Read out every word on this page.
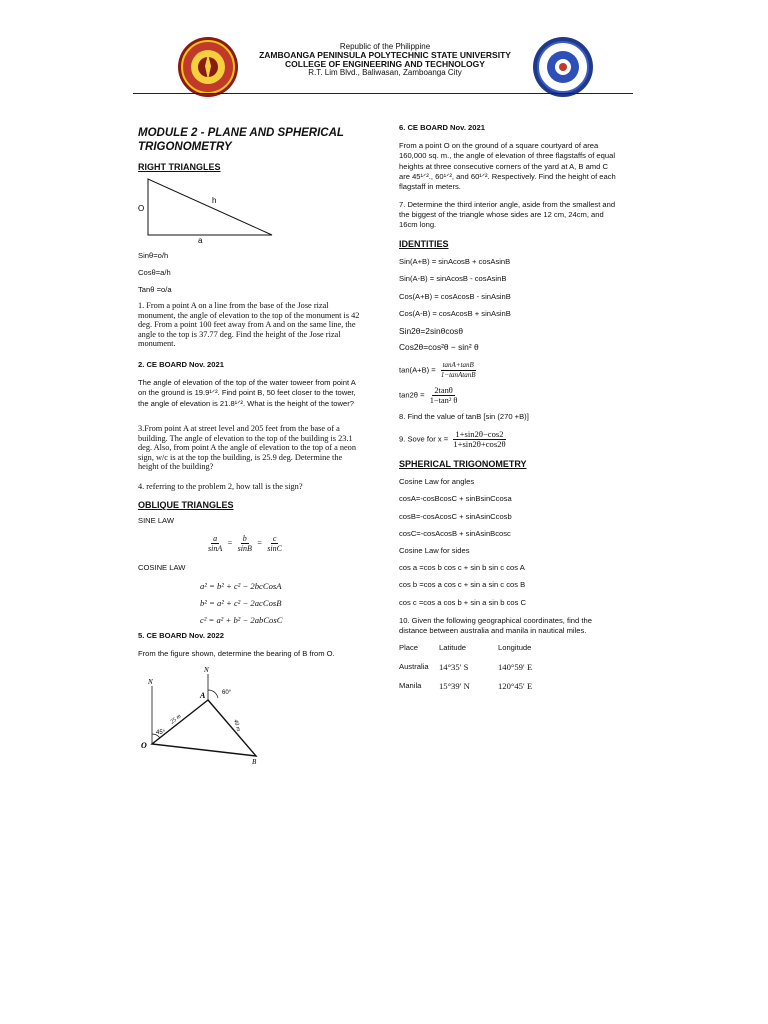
Republic of the Philippine
ZAMBOANGA PENINSULA POLYTECHNIC STATE UNIVERSITY
COLLEGE OF ENGINEERING AND TECHNOLOGY
R.T. Lim Blvd., Baliwasan, Zamboanga City

MODULE 2 - PLANE AND SPHERICAL

TRIGONOMETRY

RIGHT TRIANGLES

O
h
a

Sinθ=o/h

Cosθ=a/h

Tanθ =o/a

1. From a point A on a line from the base of the Jose rizal monument, the angle of elevation to the top of the monument is 42 deg. From a point 100 feet away from A and on the same line, the angle to the top is 37.77 deg. Find the height of the Jose rizal monument.

2. CE BOARD Nov. 2021

The angle of elevation of the top of the water toweer from point A on the ground is 19.9¹ᐟ². Find point B, 50 feet closer to the tower, the angle of elevation is 21.8¹ᐟ². What is the height of the tower?

3.From point A at street level and 205 feet from the base of a building. The angle of elevation to the top of the building is 23.1 deg. Also, from point A the angle of elevation to the top of a neon sign, w/c is at the top the building, is 25.9 deg. Determine the height of the building?

4. referring to the problem 2, how tall is the sign?

OBLIQUE TRIANGLES

SINE LAW

$\frac{a}{\sin A} = \frac{b}{\sin B} = \frac{c}{\sin C}$

COSINE LAW

a² = b² + c² − 2bcCosA
b² = a² + c² − 2acCosB
c² = a² + b² − 2abCosC

5. CE BOARD Nov. 2022

From the figure shown, determine the bearing of B from O.

N
N
A
O
B
60°
45°
25 m	40 m

6. CE BOARD Nov. 2021

From a point O on the ground of a square courtyard of area 160,000 sq. m., the angle of elevation of three flagstaffs of equal heights at three consecutive corners of the yard at A, B amd C are 45¹ᐟ²., 60¹ᐟ², and 60¹ᐟ². Respectively. Find the height of each flagstaff in meters.

7. Determine the third interior angle, aside from the smallest and the biggest of the triangle whose sides are 12 cm, 24cm, and 16cm long.

IDENTITIES

Sin(A+B) = sinAcosB + cosAsinB

Sin(A-B) = sinAcosB - cosAsinB

Cos(A+B) = cosAcosB - sinAsinB

Cos(A-B) = cosAcosB + sinAsinB

Sin2θ=2sinθcosθ

Cos2θ=cos²θ − sin² θ

$\tan(A+B) = \frac{\tan A+\tan B}{\text{1−tanAtanB}}$
$\tan 2\theta = \frac{2\tan\theta}{\text{1−tan² θ}}$

8. Find the value of tanB [sin (270 +B)]

9. Sove for $x = \frac{1+\sin 2\theta-\cos 2}{1+\sin 2\theta+\cos 2\theta}$

SPHERICAL TRIGONOMETRY

Cosine Law for angles

cosA=-cosBcosC + sinBsinCcosa

cosB=-cosAcosC + sinAsinCcosb

cosC=-cosAcosB + sinAsinBcosc

Cosine Law for sides

cos a =cos b cos c + sin b sin c cos A

cos b =cos a cos c + sin a sin c cos B

cos c =cos a cos b + sin a sin b cos C

10. Given the following geographical coordinates, find the distance between australia and manila in nautical miles.

Place	Latitude	Longitude
Australia	14°35′ S	140°59′ E
Manila	15°39′ N	120°45′ E
